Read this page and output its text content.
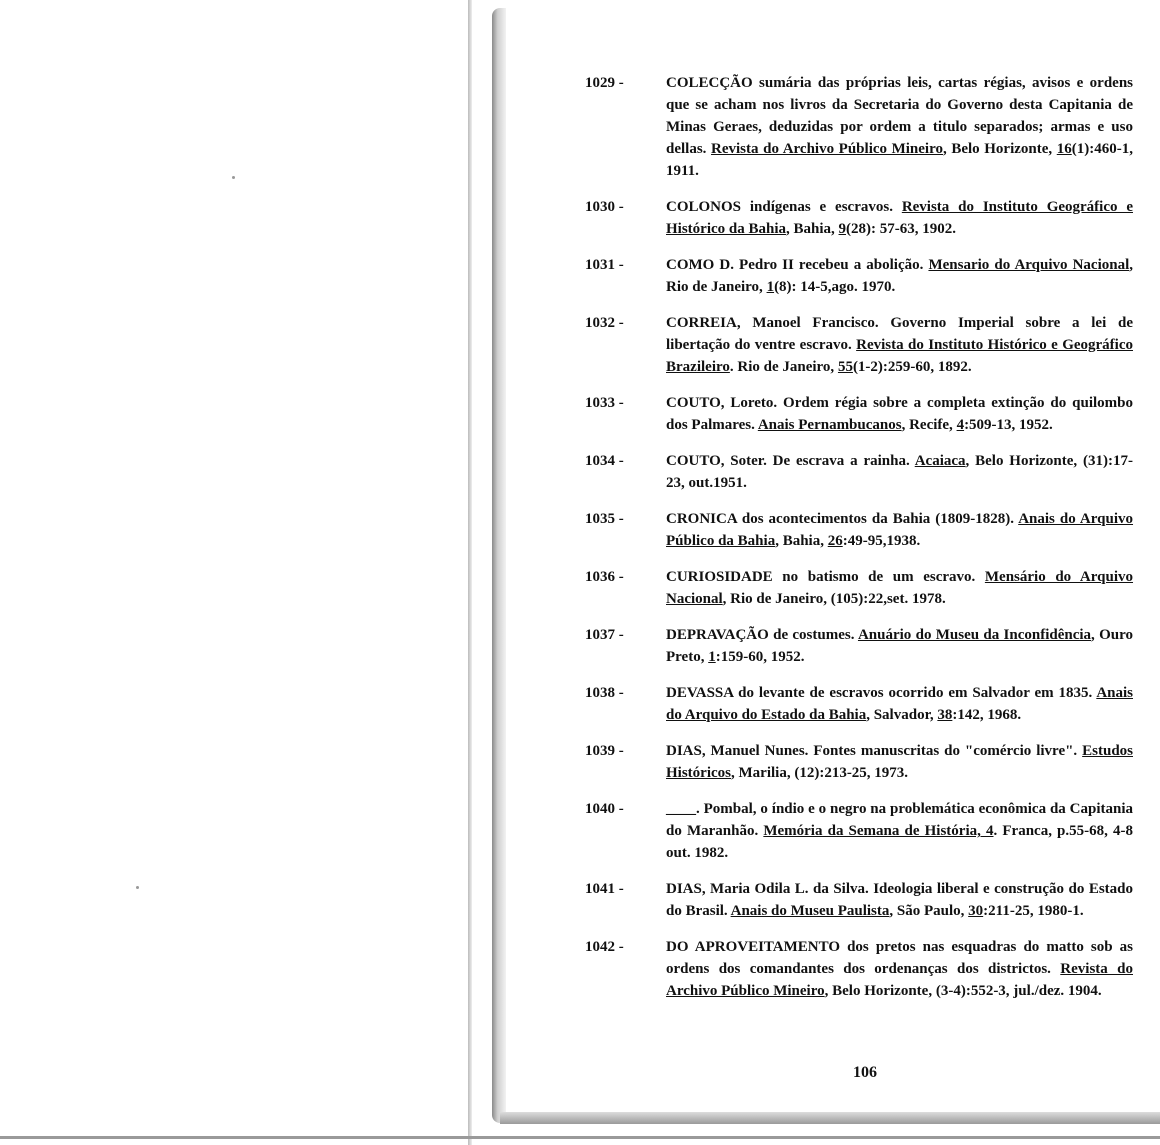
1029 -	COLECÇÃO sumária das próprias leis, cartas régias, avisos e ordens que se acham nos livros da Secretaria do Governo desta Capitania de Minas Geraes, deduzidas por ordem a titulo separados; armas e uso dellas. Revista do Archivo Público Mineiro, Belo Horizonte, 16(1):460-1, 1911.
1030 -	COLONOS indígenas e escravos. Revista do Instituto Geográfico e Histórico da Bahia, Bahia, 9(28): 57-63, 1902.
1031 -	COMO D. Pedro II recebeu a abolição. Mensario do Arquivo Nacional, Rio de Janeiro, 1(8): 14-5,ago. 1970.
1032 -	CORREIA, Manoel Francisco. Governo Imperial sobre a lei de libertação do ventre escravo. Revista do Instituto Histórico e Geográfico Brazileiro. Rio de Janeiro, 55(1-2):259-60, 1892.
1033 -	COUTO, Loreto. Ordem régia sobre a completa extinção do quilombo dos Palmares. Anais Pernambucanos, Recife, 4:509-13, 1952.
1034 -	COUTO, Soter. De escrava a rainha. Acaiaca, Belo Horizonte, (31):17-23, out.1951.
1035 -	CRONICA dos acontecimentos da Bahia (1809-1828). Anais do Arquivo Público da Bahia, Bahia, 26:49-95,1938.
1036 -	CURIOSIDADE no batismo de um escravo. Mensário do Arquivo Nacional, Rio de Janeiro, (105):22,set. 1978.
1037 -	DEPRAVAÇÃO de costumes. Anuário do Museu da Inconfidência, Ouro Preto, 1:159-60, 1952.
1038 -	DEVASSA do levante de escravos ocorrido em Salvador em 1835. Anais do Arquivo do Estado da Bahia, Salvador, 38:142, 1968.
1039 -	DIAS, Manuel Nunes. Fontes manuscritas do "comércio livre". Estudos Históricos, Marilia, (12):213-25, 1973.
1040 -	____. Pombal, o índio e o negro na problemática econômica da Capitania do Maranhão. Memória da Semana de História, 4. Franca, p.55-68, 4-8 out. 1982.
1041 -	DIAS, Maria Odila L. da Silva. Ideologia liberal e construção do Estado do Brasil. Anais do Museu Paulista, São Paulo, 30:211-25, 1980-1.
1042 -	DO APROVEITAMENTO dos pretos nas esquadras do matto sob as ordens dos comandantes dos ordenanças dos districtos. Revista do Archivo Público Mineiro, Belo Horizonte, (3-4):552-3, jul./dez. 1904.
106
